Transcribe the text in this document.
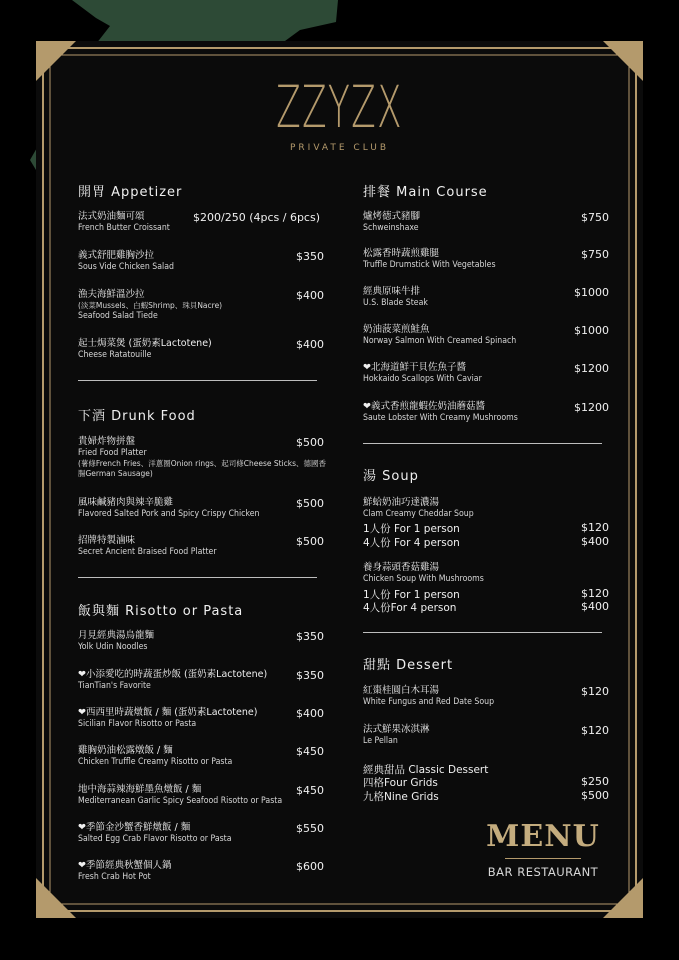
ZZYZX
PRIVATE CLUB
開胃 Appetizer
法式奶油麵可頌
French Butter Croissant
$200/250 (4pcs / 6pcs)
義式舒肥雞胸沙拉
Sous Vide Chicken Salad
$350
漁夫海鮮溫沙拉
(淡菜Mussels、白蝦Shrimp、珠貝Nacre)
Seafood Salad Tiede
$400
起士焗菜煲 (蛋奶素Lactotene)
Cheese Ratatouille
$400
下酒 Drunk Food
貴婦炸物拼盤
Fried Food Platter
(薯條French Fries、洋蔥圈Onion rings、起司條Cheese Sticks、德國香
腸German Sausage)
$500
風味鹹豬肉與辣辛脆雞
Flavored Salted Pork and Spicy Crispy Chicken
$500
招牌特製滷味
Secret Ancient Braised Food Platter
$500
飯與麵 Risotto or Pasta
月見經典湯烏龍麵
Yolk Udin Noodles
$350
❤小添愛吃的時蔬蛋炒飯 (蛋奶素Lactotene)
TianTian's Favorite
$350
❤西西里時蔬燉飯 / 麵 (蛋奶素Lactotene)
Sicilian Flavor Risotto or Pasta
$400
雞胸奶油松露燉飯 / 麵
Chicken Truffle Creamy Risotto or Pasta
$450
地中海蒜辣海鮮墨魚燉飯 / 麵
Mediterranean Garlic Spicy Seafood Risotto or Pasta
$450
❤季節金沙蟹香鮮燉飯 / 麵
Salted Egg Crab Flavor Risotto or Pasta
$550
❤季節經典秋蟹個人鍋
Fresh Crab Hot Pot
$600
排餐 Main Course
爐烤德式豬腳
Schweinshaxe
$750
松露香時蔬煎雞腿
Truffle Drumstick With Vegetables
$750
經典原味牛排
U.S. Blade Steak
$1000
奶油菠菜煎鮭魚
Norway Salmon With Creamed Spinach
$1000
❤北海道鮮干貝佐魚子醬
Hokkaido Scallops With Caviar
$1200
❤義式香煎龍蝦佐奶油蘑菇醬
Saute Lobster With Creamy Mushrooms
$1200
湯 Soup
鮮蛤奶油巧達濃湯
Clam Creamy Cheddar Soup
1人份 For 1 person	$120
4人份 For 4 person	$400
養身蒜頭香菇雞湯
Chicken Soup With Mushrooms
1人份 For 1 person	$120
4人份For 4 person	$400
甜點 Dessert
紅棗桂圓白木耳湯
White Fungus and Red Date Soup
$120
法式鮮果冰淇淋
Le Pellan
$120
經典甜品 Classic Dessert
四格Four Grids	$250
九格Nine Grids	$500
MENU
BAR RESTAURANT
